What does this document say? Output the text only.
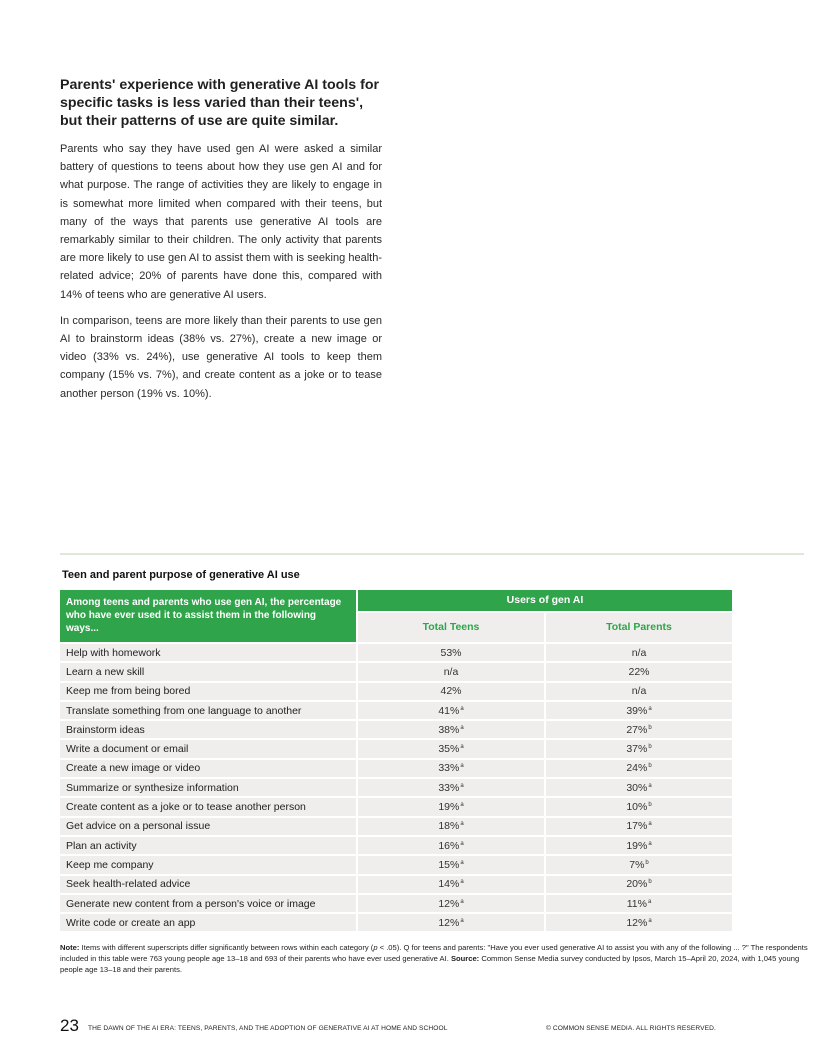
Parents' experience with generative AI tools for specific tasks is less varied than their teens', but their patterns of use are quite similar.

Parents who say they have used gen AI were asked a similar battery of questions to teens about how they use gen AI and for what purpose. The range of activities they are likely to engage in is somewhat more limited when compared with their teens, but many of the ways that parents use generative AI tools are remarkably similar to their children. The only activity that parents are more likely to use gen AI to assist them with is seeking health-related advice; 20% of parents have done this, compared with 14% of teens who are generative AI users.

In comparison, teens are more likely than their parents to use gen AI to brainstorm ideas (38% vs. 27%), create a new image or video (33% vs. 24%), use generative AI tools to keep them company (15% vs. 7%), and create content as a joke or to tease another person (19% vs. 10%).

Teen and parent purpose of generative AI use
Among teens and parents who use gen AI, the percentage who have ever used it to assist them in the following ways...	Users of gen AI	
	Total Teens	Total Parents
Help with homework	53%	n/a
Learn a new skill	n/a	22%
Keep me from being bored	42%	n/a
Translate something from one language to another	41%$^a$	39%$^a$
Brainstorm ideas	38%$^a$	27%$^b$
Write a document or email	35%$^a$	37%$^b$
Create a new image or video	33%$^a$	24%$^b$
Summarize or synthesize information	33%$^a$	30%$^a$
Create content as a joke or to tease another person	19%$^a$	10%$^b$
Get advice on a personal issue	18%$^a$	17%$^a$
Plan an activity	16%$^a$	19%$^a$
Keep me company	15%$^a$	7%$^b$
Seek health-related advice	14%$^a$	20%$^b$
Generate new content from a person's voice or image	12%$^a$	11%$^a$
Write code or create an app	12%$^a$	12%$^a$
Note: Items with different superscripts differ significantly between rows within each category (p < .05). Q for teens and parents: "Have you ever used generative AI to assist you with any of the following ... ?" The respondents included in this table were 763 young people age 13–18 and 693 of their parents who have ever used generative AI. Source: Common Sense Media survey conducted by Ipsos, March 15–April 20, 2024, with 1,045 young people age 13–18 and their parents.
23 THE DAWN OF THE AI ERA: TEENS, PARENTS, AND THE ADOPTION OF GENERATIVE AI AT HOME AND SCHOOL	© COMMON SENSE MEDIA. ALL RIGHTS RESERVED.
